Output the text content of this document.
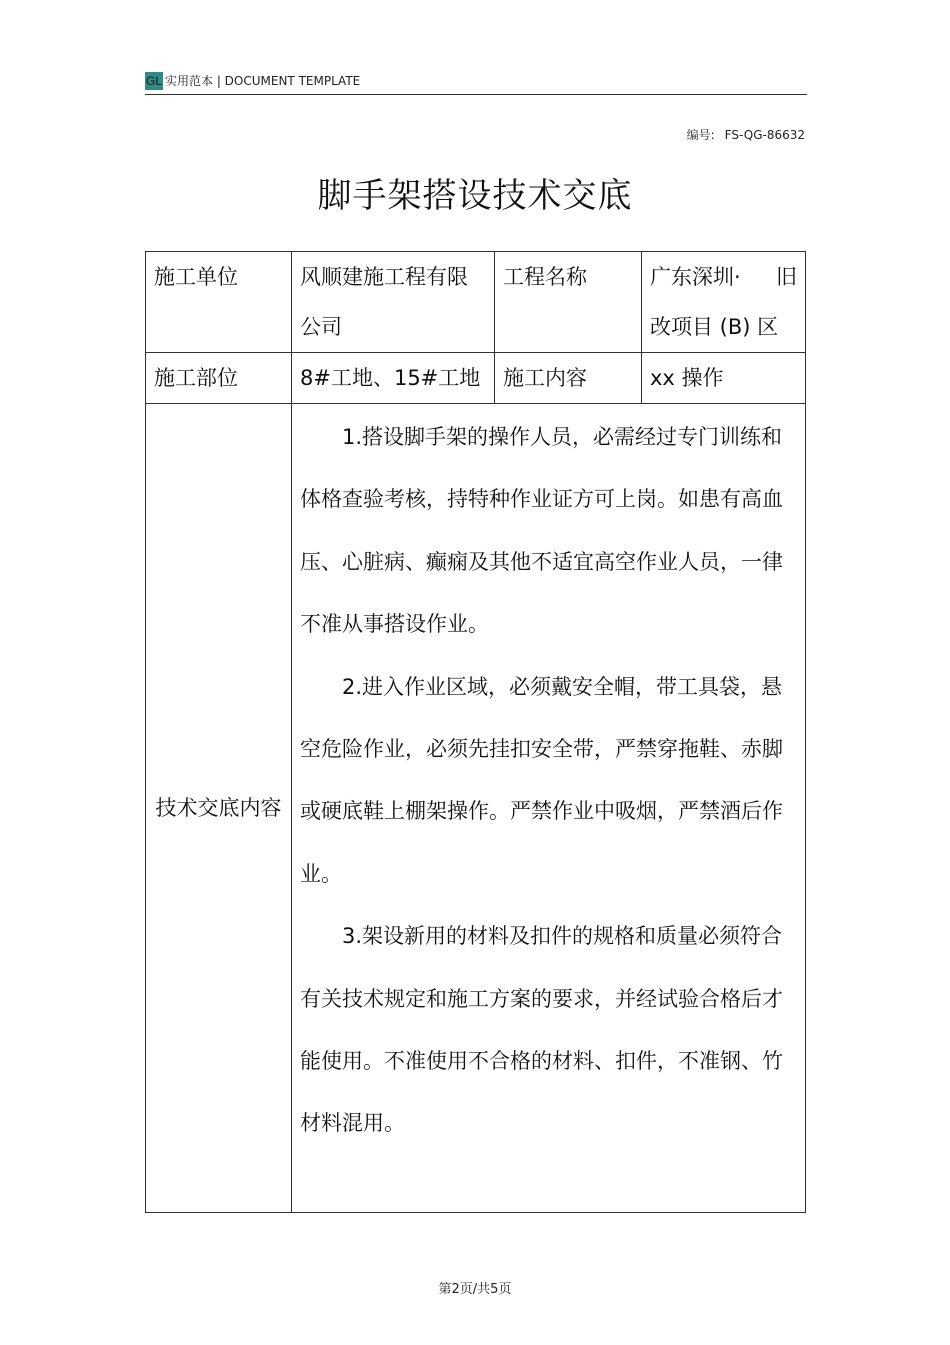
GL 实用范本 | DOCUMENT TEMPLATE
编号: FS-QG-86632
脚手架搭设技术交底
施工单位	风顺建施工程有限公司	工程名称	广东深圳· 旧
改项目 (B) 区

施工部位	8#工地、15#工地	施工内容	xx 操作
技术交底内容	1.搭设脚手架的操作人员，必需经过专门训练和体格查验考核，持特种作业证方可上岗。如患有高血压、心脏病、癫痫及其他不适宜高空作业人员，一律不准从事搭设作业。

2.进入作业区域，必须戴安全帽，带工具袋，悬空危险作业，必须先挂扣安全带，严禁穿拖鞋、赤脚或硬底鞋上棚架操作。严禁作业中吸烟，严禁酒后作业。

3.架设新用的材料及扣件的规格和质量必须符合有关技术规定和施工方案的要求，并经试验合格后才能使用。不准使用不合格的材料、扣件，不准钢、竹材料混用。		

第2页/共5页
